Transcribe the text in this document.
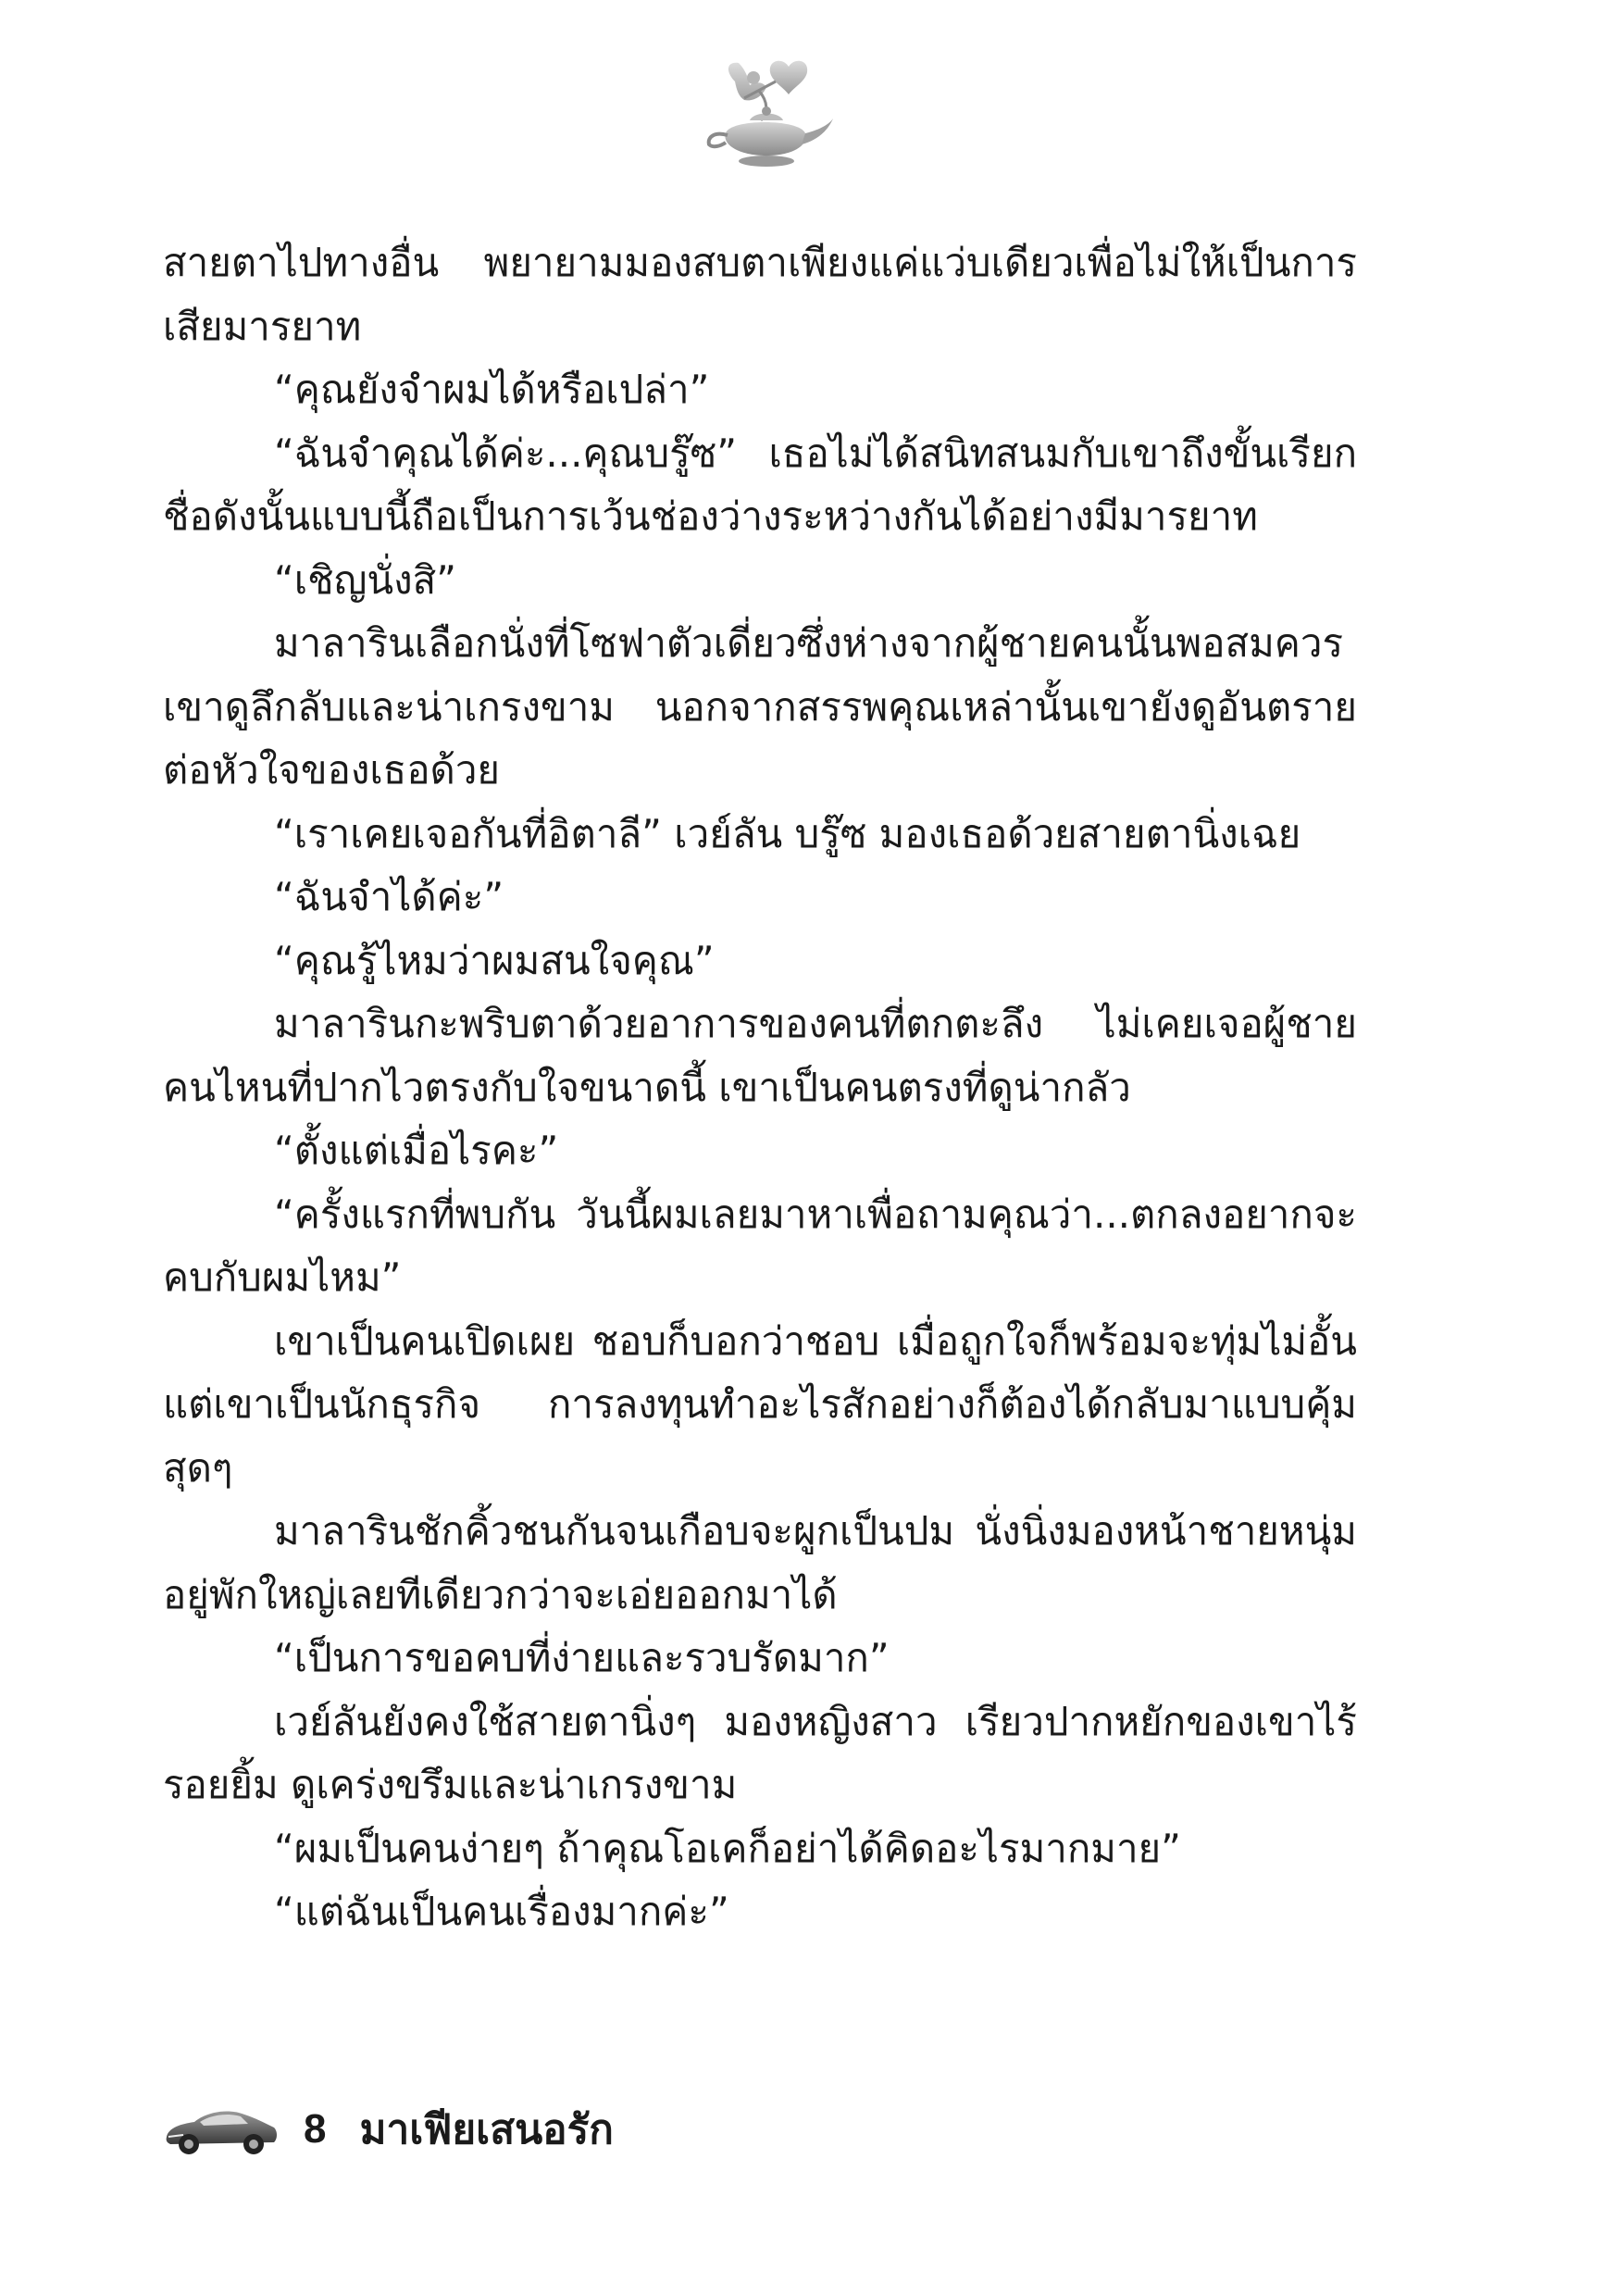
สายตาไปทางอื่น พยายามมองสบตาเพียงแค่แว่บเดียวเพื่อไม่ให้เป็นการเสียมารยาท

“คุณยังจำผมได้หรือเปล่า”

“ฉันจำคุณได้ค่ะ...คุณบรู๊ซ” เธอไม่ได้สนิทสนมกับเขาถึงขั้นเรียกชื่อดังนั้นแบบนี้ถือเป็นการเว้นช่องว่างระหว่างกันได้อย่างมีมารยาท

“เชิญนั่งสิ”

มาลารินเลือกนั่งที่โซฟาตัวเดี่ยวซึ่งห่างจากผู้ชายคนนั้นพอสมควร เขาดูลึกลับและน่าเกรงขาม นอกจากสรรพคุณเหล่านั้นเขายังดูอันตรายต่อหัวใจของเธอด้วย

“เราเคยเจอกันที่อิตาลี” เวย์ลัน บรู๊ซ มองเธอด้วยสายตานิ่งเฉย

“ฉันจำได้ค่ะ”

“คุณรู้ไหมว่าผมสนใจคุณ”

มาลารินกะพริบตาด้วยอาการของคนที่ตกตะลึง ไม่เคยเจอผู้ชายคนไหนที่ปากไวตรงกับใจขนาดนี้ เขาเป็นคนตรงที่ดูน่ากลัว

“ตั้งแต่เมื่อไรคะ”

“ครั้งแรกที่พบกัน วันนี้ผมเลยมาหาเพื่อถามคุณว่า...ตกลงอยากจะคบกับผมไหม”

เขาเป็นคนเปิดเผย ชอบก็บอกว่าชอบ เมื่อถูกใจก็พร้อมจะทุ่มไม่อั้น แต่เขาเป็นนักธุรกิจ การลงทุนทำอะไรสักอย่างก็ต้องได้กลับมาแบบคุ้มสุดๆ

มาลารินชักคิ้วชนกันจนเกือบจะผูกเป็นปม นั่งนิ่งมองหน้าชายหนุ่มอยู่พักใหญ่เลยทีเดียวกว่าจะเอ่ยออกมาได้

“เป็นการขอคบที่ง่ายและรวบรัดมาก”

เวย์ลันยังคงใช้สายตานิ่งๆ มองหญิงสาว เรียวปากหยักของเขาไร้รอยยิ้ม ดูเคร่งขรึมและน่าเกรงขาม

“ผมเป็นคนง่ายๆ ถ้าคุณโอเคก็อย่าได้คิดอะไรมากมาย”

“แต่ฉันเป็นคนเรื่องมากค่ะ”

8 มาเฟียเสนอรัก
